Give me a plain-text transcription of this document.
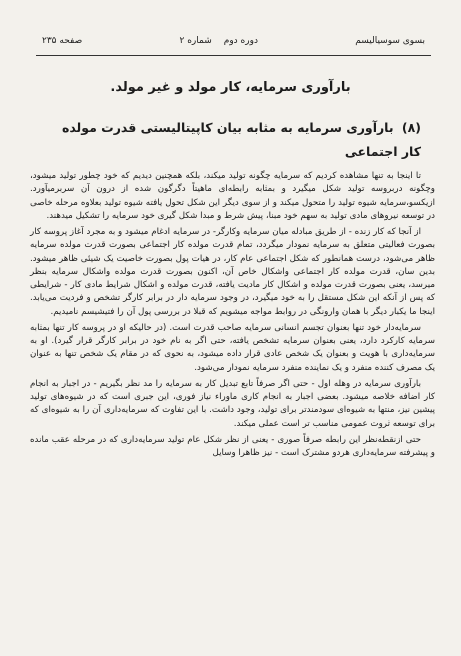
بسوی سوسیالیسم
دوره دوم
شماره ۲
صفحه ۲۳۵
بارآوری سرمایه، کار مولد و غیر مولد.
(۸) بارآوری سرمایه به مثابه بیان کاپیتالیستی قدرت مولده کار اجتماعی

تا اینجا به تنها مشاهده کردیم که سرمایه چگونه تولید میکند، بلکه همچنین دیدیم که خود چطور تولید میشود، وچگونه دربروسه تولید شکل میگیرد و بمثابه رابطه‌ای ماهیتاً دگرگون شده از درون آن سربرمیآورد. ازیکسو،سرمایه شیوه تولید را متحول میکند و از سوی دیگر این شکل تحول یافته شیوه تولید بعلاوه مرحله خاصی در توسعه نیروهای مادی تولید به سهم خود مبنا، پیش شرط و مبدا شکل گیری خود سرمایه را تشکیل میدهند.

از آنجا که کار زنده - از طریق مبادله میان سرمایه وکارگر- در سرمایه ادغام میشود و به مجرد آغاز پروسه کار بصورت فعالیتی متعلق به سرمایه نمودار میگردد، تمام قدرت مولده کار اجتماعی بصورت قدرت مولده سرمایه ظاهر می‌شود، درست همانطور که شکل اجتماعی عام کار، در هیات پول بصورت خاصیت یک شیئی ظاهر میشود. بدین سان، قدرت مولده کار اجتماعی واشکال خاص آن، اکنون بصورت قدرت مولده واشکال سرمایه بنظر میرسد، یعنی بصورت قدرت مولده و اشکال کار مادیت یافته، قدرت مولده و اشکال شرایط مادی کار - شرایطی که پس از آنکه این شکل مستقل را به خود میگیرد، در وجود سرمایه دار در برابر کارگر تشخص و فردیت می‌یابد. اینجا ما یکبار دیگر با همان وارونگی در روابط مواجه میشویم که قبلا در بررسی پول آن را فتیشیسم نامیدیم.

سرمایه‌دار خود تنها بعنوان تجسم انسانی سرمایه صاحب قدرت است. (در حالیکه او در پروسه کار تنها بمثابه سرمایه کارکرد دارد، یعنی بعنوان سرمایه تشخص یافته، حتی اگر به نام خود در برابر کارگر قرار گیرد). او به سرمایه‌داری با هویت و بعنوان یک شخص عادی قرار داده میشود، به نحوی که در مقام یک شخص تنها به عنوان یک مصرف کننده منفرد و یک نماینده منفرد سرمایه نمودار می‌شود.

بارآوری سرمایه در وهله اول - حتی اگر صرفاً تابع تبدیل کار به سرمایه را مد نظر بگیریم - در اجبار به انجام کار اضافه خلاصه میشود. بعضی اجبار به انجام کاری ماوراء نیاز فوری، این جبری است که در شیوه‌های تولید پیشین نیز، منتها به شیوه‌ای سودمندتر برای تولید، وجود داشت. با این تفاوت که سرمایه‌داری آن را به شیوه‌ای که برای توسعه ثروت عمومی مناسب تر است عملی میکند.

حتی ازنقطه‌نظر این رابطه صرفاً صوری - یعنی از نظر شکل عام تولید سرمایه‌داری که در مرحله عقب مانده و پیشرفته سرمایه‌داری هردو مشترک است - نیز ظاهرا وسایل
